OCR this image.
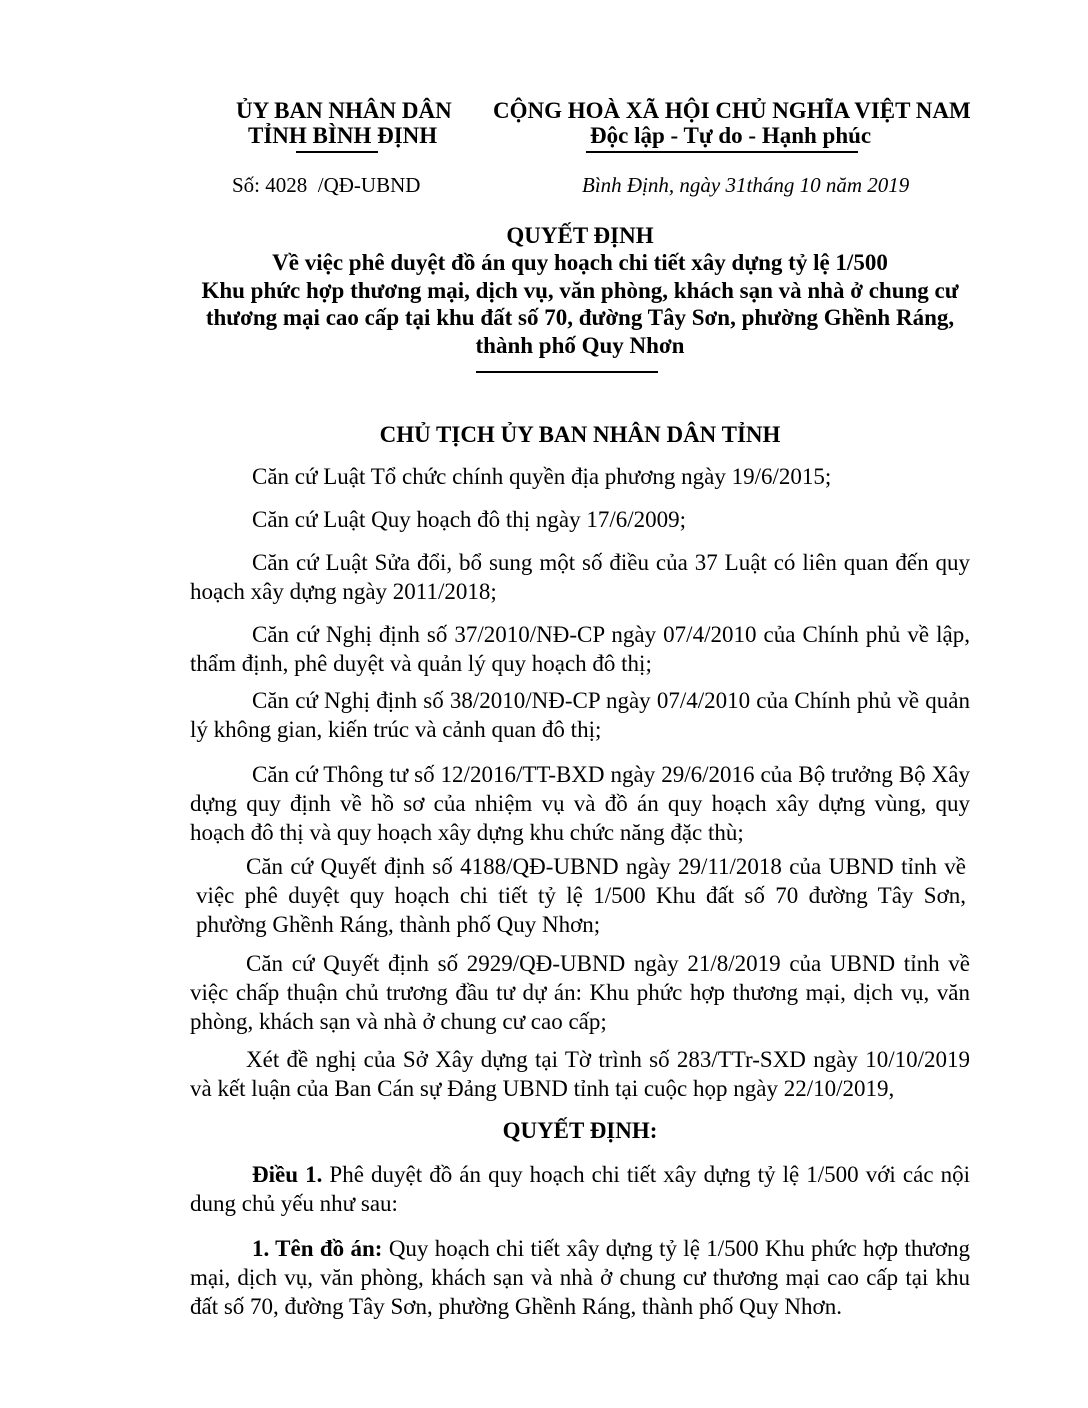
ỦY BAN NHÂN DÂN
TỈNH BÌNH ĐỊNH
CỘNG HOÀ XÃ HỘI CHỦ NGHĨA VIỆT NAM
Độc lập - Tự do - Hạnh phúc
Số: 4028 /QĐ-UBND	Bình Định, ngày 31tháng 10 năm 2019
QUYẾT ĐỊNH
Về việc phê duyệt đồ án quy hoạch chi tiết xây dựng tỷ lệ 1/500
Khu phức hợp thương mại, dịch vụ, văn phòng, khách sạn và nhà ở chung cư
thương mại cao cấp tại khu đất số 70, đường Tây Sơn, phường Ghềnh Ráng,
thành phố Quy Nhơn
CHỦ TỊCH ỦY BAN NHÂN DÂN TỈNH

Căn cứ Luật Tổ chức chính quyền địa phương ngày 19/6/2015;

Căn cứ Luật Quy hoạch đô thị ngày 17/6/2009;

Căn cứ Luật Sửa đổi, bổ sung một số điều của 37 Luật có liên quan đến quy hoạch xây dựng ngày 2011/2018;

Căn cứ Nghị định số 37/2010/NĐ-CP ngày 07/4/2010 của Chính phủ về lập, thẩm định, phê duyệt và quản lý quy hoạch đô thị;

Căn cứ Nghị định số 38/2010/NĐ-CP ngày 07/4/2010 của Chính phủ về quản lý không gian, kiến trúc và cảnh quan đô thị;

Căn cứ Thông tư số 12/2016/TT-BXD ngày 29/6/2016 của Bộ trưởng Bộ Xây dựng quy định về hồ sơ của nhiệm vụ và đồ án quy hoạch xây dựng vùng, quy hoạch đô thị và quy hoạch xây dựng khu chức năng đặc thù;

Căn cứ Quyết định số 4188/QĐ-UBND ngày 29/11/2018 của UBND tỉnh về việc phê duyệt quy hoạch chi tiết tỷ lệ 1/500 Khu đất số 70 đường Tây Sơn, phường Ghềnh Ráng, thành phố Quy Nhơn;

Căn cứ Quyết định số 2929/QĐ-UBND ngày 21/8/2019 của UBND tỉnh về việc chấp thuận chủ trương đầu tư dự án: Khu phức hợp thương mại, dịch vụ, văn phòng, khách sạn và nhà ở chung cư cao cấp;

Xét đề nghị của Sở Xây dựng tại Tờ trình số 283/TTr-SXD ngày 10/10/2019 và kết luận của Ban Cán sự Đảng UBND tỉnh tại cuộc họp ngày 22/10/2019,

QUYẾT ĐỊNH:

Điều 1. Phê duyệt đồ án quy hoạch chi tiết xây dựng tỷ lệ 1/500 với các nội dung chủ yếu như sau:

1. Tên đồ án: Quy hoạch chi tiết xây dựng tỷ lệ 1/500 Khu phức hợp thương mại, dịch vụ, văn phòng, khách sạn và nhà ở chung cư thương mại cao cấp tại khu đất số 70, đường Tây Sơn, phường Ghềnh Ráng, thành phố Quy Nhơn.
